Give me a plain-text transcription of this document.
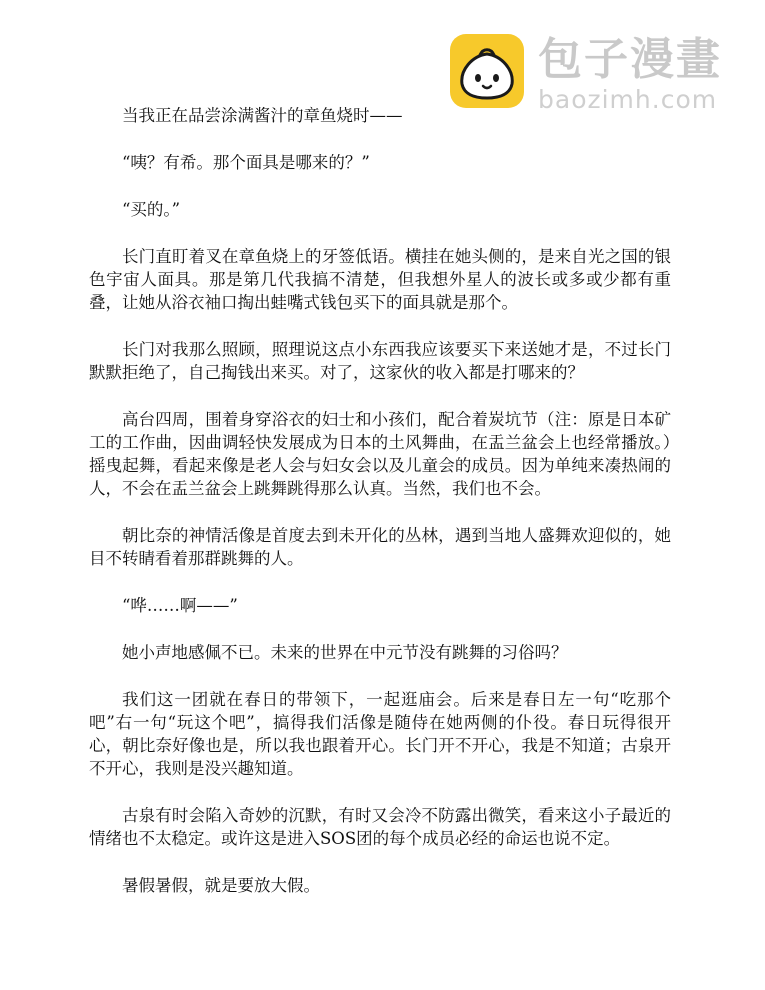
包子漫畫
baozimh.com

当我正在品尝涂满酱汁的章鱼烧时——

“咦？有希。那个面具是哪来的？”

“买的。”

长门直盯着叉在章鱼烧上的牙签低语。横挂在她头侧的，是来自光之国的银色宇宙人面具。那是第几代我搞不清楚，但我想外星人的波长或多或少都有重叠，让她从浴衣袖口掏出蛙嘴式钱包买下的面具就是那个。

长门对我那么照顾，照理说这点小东西我应该要买下来送她才是，不过长门默默拒绝了，自己掏钱出来买。对了，这家伙的收入都是打哪来的？

高台四周，围着身穿浴衣的妇士和小孩们，配合着炭坑节（注：原是日本矿工的工作曲，因曲调轻快发展成为日本的土风舞曲，在盂兰盆会上也经常播放。）摇曳起舞，看起来像是老人会与妇女会以及儿童会的成员。因为单纯来凑热闹的人，不会在盂兰盆会上跳舞跳得那么认真。当然，我们也不会。

朝比奈的神情活像是首度去到未开化的丛林，遇到当地人盛舞欢迎似的，她目不转睛看着那群跳舞的人。

“哗……啊——”

她小声地感佩不已。未来的世界在中元节没有跳舞的习俗吗？

我们这一团就在春日的带领下，一起逛庙会。后来是春日左一句“吃那个吧”右一句“玩这个吧”，搞得我们活像是随侍在她两侧的仆役。春日玩得很开心，朝比奈好像也是，所以我也跟着开心。长门开不开心，我是不知道；古泉开不开心，我则是没兴趣知道。

古泉有时会陷入奇妙的沉默，有时又会冷不防露出微笑，看来这小子最近的情绪也不太稳定。或许这是进入SOS团的每个成员必经的命运也说不定。

暑假暑假，就是要放大假。
